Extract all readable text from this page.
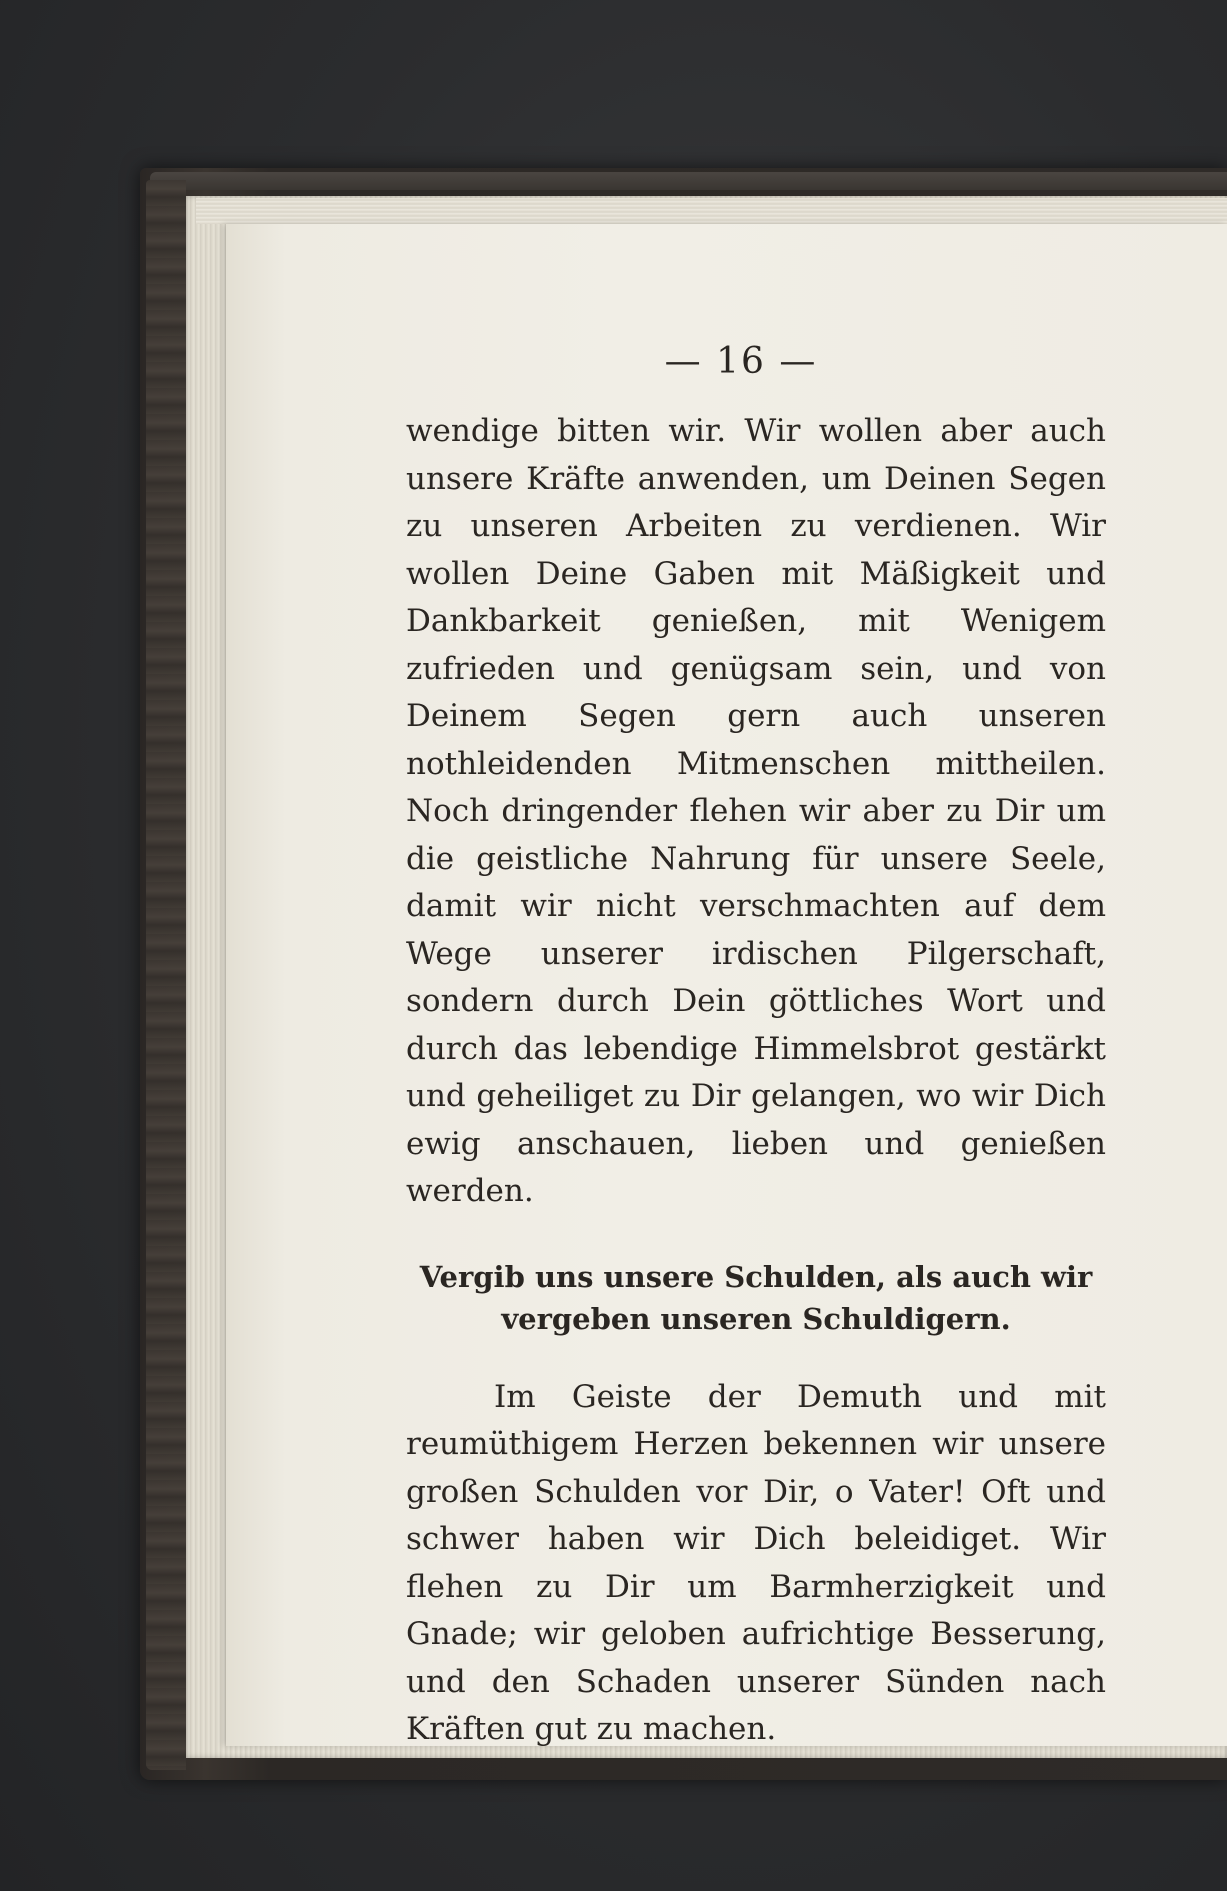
— 16 —

wendige bitten wir. Wir wollen aber auch unsere Kräfte anwenden, um Deinen Segen zu unseren Arbeiten zu verdienen. Wir wollen Deine Gaben mit Mäßigkeit und Dankbarkeit genießen, mit Wenigem zufrieden und genügsam sein, und von Deinem Segen gern auch unseren nothleidenden Mitmenschen mittheilen. Noch dringender flehen wir aber zu Dir um die geistliche Nahrung für unsere Seele, damit wir nicht verschmachten auf dem Wege unserer irdischen Pilgerschaft, sondern durch Dein göttliches Wort und durch das lebendige Himmelsbrot gestärkt und geheiliget zu Dir gelangen, wo wir Dich ewig anschauen, lieben und genießen werden.

Vergib uns unsere Schulden, als auch wir
vergeben unseren Schuldigern.

Im Geiste der Demuth und mit reumüthigem Herzen bekennen wir unsere großen Schulden vor Dir, o Vater! Oft und schwer haben wir Dich beleidiget. Wir flehen zu Dir um Barmherzigkeit und Gnade; wir geloben aufrichtige Besserung, und den Schaden unserer Sünden nach Kräften gut zu machen.
